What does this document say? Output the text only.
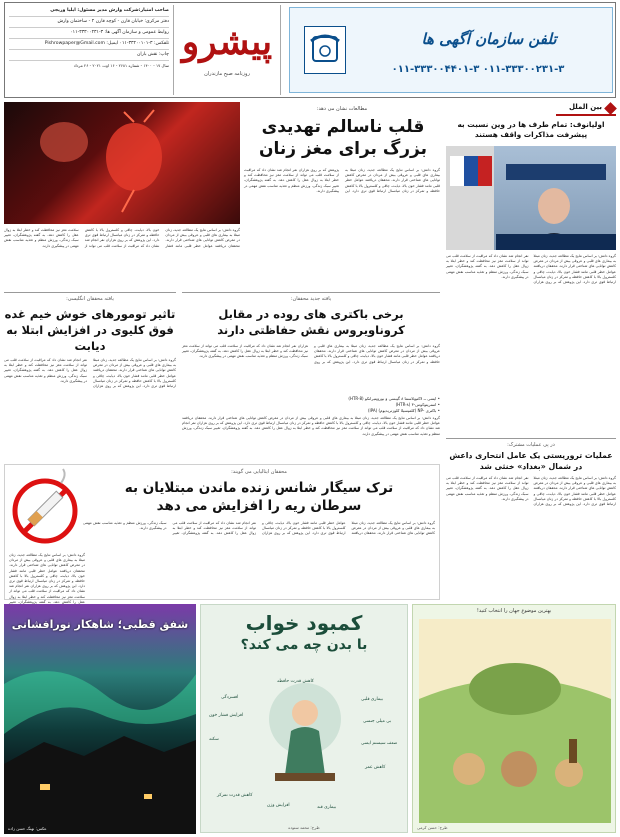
صاحب امتیاز:شرکت وارش مدیر مسئول: ایلیا وریجی
دفتر مرکزی: خیابان قارن - کوچه قارن ۲ - ساختمان وارش
روابط عمومی و سازمان آگهی ها: ۳-۳۳۳۰۰۲۳۱-۰۱۱
تلفکس: ۳-۳۳۲۰۰۱۰۱-۰۱۱ ایمیل: Pishrowpaper@Gmail.com
چاپ: نقش باران
سال ۱۷ - ۱۴۰۰ - شماره ۲۶۸۱ - ۱۶ اوت ۲۰۲۱ - ۲۶ مرداد
پیشرو
روزنامه صبح مازندران
تلفن سازمان آگهی ها
۰۱۱-۳۳۳۰۰۲۳۱-۳ ۰۱۱-۳۳۳۰۰۴۴۰۱-۳
مطالعات نشان می دهد:
قلب ناسالم تهدیدی بزرگ برای مغز زنان
گروه دانش: بر اساس نتایج یک مطالعه جدید، زنان مبتلا به بیماری های قلبی و عروقی بیش از مردان در معرض کاهش توانایی های شناختی قرار دارند. محققان دریافتند عوامل خطر قلبی مانند فشار خون بالا، دیابت، چاقی و کلسترول بالا با کاهش حافظه و تمرکز در زنان میانسال ارتباط قوی تری دارد. این پژوهش که بر روی هزاران نفر انجام شد نشان داد که مراقبت از سلامت قلب می تواند از سلامت مغز نیز محافظت کند و خطر ابتلا به زوال عقل را کاهش دهد. به گفته پژوهشگران، تغییر سبک زندگی، ورزش منظم و تغذیه مناسب نقش مهمی در پیشگیری دارند.
گروه دانش: بر اساس نتایج یک مطالعه جدید، زنان مبتلا به بیماری های قلبی و عروقی بیش از مردان در معرض کاهش توانایی های شناختی قرار دارند. محققان دریافتند عوامل خطر قلبی مانند فشار خون بالا، دیابت، چاقی و کلسترول بالا با کاهش حافظه و تمرکز در زنان میانسال ارتباط قوی تری دارد. این پژوهش که بر روی هزاران نفر انجام شد نشان داد که مراقبت از سلامت قلب می تواند از سلامت مغز نیز محافظت کند و خطر ابتلا به زوال عقل را کاهش دهد. به گفته پژوهشگران، تغییر سبک زندگی، ورزش منظم و تغذیه مناسب نقش مهمی در پیشگیری دارند.
بین الملل
اولیانوف: تمام طرف ها در وین نسبت به پیشرفت مذاکرات واقف هستند
گروه دانش: بر اساس نتایج یک مطالعه جدید، زنان مبتلا به بیماری های قلبی و عروقی بیش از مردان در معرض کاهش توانایی های شناختی قرار دارند. محققان دریافتند عوامل خطر قلبی مانند فشار خون بالا، دیابت، چاقی و کلسترول بالا با کاهش حافظه و تمرکز در زنان میانسال ارتباط قوی تری دارد. این پژوهش که بر روی هزاران نفر انجام شد نشان داد که مراقبت از سلامت قلب می تواند از سلامت مغز نیز محافظت کند و خطر ابتلا به زوال عقل را کاهش دهد. به گفته پژوهشگران، تغییر سبک زندگی، ورزش منظم و تغذیه مناسب نقش مهمی در پیشگیری دارند.
یافته محققان انگلیسی:
تاثیر تومورهای خوش خیم غده فوق کلیوی در افزایش ابتلا به دیابت
گروه دانش: بر اساس نتایج یک مطالعه جدید، زنان مبتلا به بیماری های قلبی و عروقی بیش از مردان در معرض کاهش توانایی های شناختی قرار دارند. محققان دریافتند عوامل خطر قلبی مانند فشار خون بالا، دیابت، چاقی و کلسترول بالا با کاهش حافظه و تمرکز در زنان میانسال ارتباط قوی تری دارد. این پژوهش که بر روی هزاران نفر انجام شد نشان داد که مراقبت از سلامت قلب می تواند از سلامت مغز نیز محافظت کند و خطر ابتلا به زوال عقل را کاهش دهد. به گفته پژوهشگران، تغییر سبک زندگی، ورزش منظم و تغذیه مناسب نقش مهمی در پیشگیری دارند.
یافته جدید محققان:
برخی باکتری های روده در مقابل کروناویروس نقش حفاظتی دارند
گروه دانش: بر اساس نتایج یک مطالعه جدید، زنان مبتلا به بیماری های قلبی و عروقی بیش از مردان در معرض کاهش توانایی های شناختی قرار دارند. محققان دریافتند عوامل خطر قلبی مانند فشار خون بالا، دیابت، چاقی و کلسترول بالا با کاهش حافظه و تمرکز در زنان میانسال ارتباط قوی تری دارد. این پژوهش که بر روی هزاران نفر انجام شد نشان داد که مراقبت از سلامت قلب می تواند از سلامت مغز نیز محافظت کند و خطر ابتلا به زوال عقل را کاهش دهد. به گفته پژوهشگران، تغییر سبک زندگی، ورزش منظم و تغذیه مناسب نقش مهمی در پیشگیری دارند.
• ایمنی ــ لاکتوپلاسما ۸ گیبسی و بوروپتیرانکو (HTR-8)
• استرپتوکوس-۳ (HTR-۸)
• باکتری -NP (کلمپسیلا کلوزتریدیوم) (IPA)
گروه دانش: بر اساس نتایج یک مطالعه جدید، زنان مبتلا به بیماری های قلبی و عروقی بیش از مردان در معرض کاهش توانایی های شناختی قرار دارند. محققان دریافتند عوامل خطر قلبی مانند فشار خون بالا، دیابت، چاقی و کلسترول بالا با کاهش حافظه و تمرکز در زنان میانسال ارتباط قوی تری دارد. این پژوهش که بر روی هزاران نفر انجام شد نشان داد که مراقبت از سلامت قلب می تواند از سلامت مغز نیز محافظت کند و خطر ابتلا به زوال عقل را کاهش دهد. به گفته پژوهشگران، تغییر سبک زندگی، ورزش منظم و تغذیه مناسب نقش مهمی در پیشگیری دارند.
در پی عملیات مشترک:
عملیات تروریستی یک عامل انتحاری داعش در شمال «بغداد» خنثی شد
گروه دانش: بر اساس نتایج یک مطالعه جدید، زنان مبتلا به بیماری های قلبی و عروقی بیش از مردان در معرض کاهش توانایی های شناختی قرار دارند. محققان دریافتند عوامل خطر قلبی مانند فشار خون بالا، دیابت، چاقی و کلسترول بالا با کاهش حافظه و تمرکز در زنان میانسال ارتباط قوی تری دارد. این پژوهش که بر روی هزاران نفر انجام شد نشان داد که مراقبت از سلامت قلب می تواند از سلامت مغز نیز محافظت کند و خطر ابتلا به زوال عقل را کاهش دهد. به گفته پژوهشگران، تغییر سبک زندگی، ورزش منظم و تغذیه مناسب نقش مهمی در پیشگیری دارند.
محققان ایتالیایی می گویند:
ترک سیگار شانس زنده ماندن مبتلایان به سرطان ریه را افزایش می دهد
گروه دانش: بر اساس نتایج یک مطالعه جدید، زنان مبتلا به بیماری های قلبی و عروقی بیش از مردان در معرض کاهش توانایی های شناختی قرار دارند. محققان دریافتند عوامل خطر قلبی مانند فشار خون بالا، دیابت، چاقی و کلسترول بالا با کاهش حافظه و تمرکز در زنان میانسال ارتباط قوی تری دارد. این پژوهش که بر روی هزاران نفر انجام شد نشان داد که مراقبت از سلامت قلب می تواند از سلامت مغز نیز محافظت کند و خطر ابتلا به زوال عقل را کاهش دهد. به گفته پژوهشگران، تغییر سبک زندگی، ورزش منظم و تغذیه مناسب نقش مهمی در پیشگیری دارند.
گروه دانش: بر اساس نتایج یک مطالعه جدید، زنان مبتلا به بیماری های قلبی و عروقی بیش از مردان در معرض کاهش توانایی های شناختی قرار دارند. محققان دریافتند عوامل خطر قلبی مانند فشار خون بالا، دیابت، چاقی و کلسترول بالا با کاهش حافظه و تمرکز در زنان میانسال ارتباط قوی تری دارد. این پژوهش که بر روی هزاران نفر انجام شد نشان داد که مراقبت از سلامت قلب می تواند از سلامت مغز نیز محافظت کند و خطر ابتلا به زوال عقل را کاهش دهد. به گفته پژوهشگران، تغییر
شفق قطبی؛ شاهکار نورافشانی
عکس: نهنگ حسن زاده
کمبود خواب
با بدن چه می کند؟
کاهش قدرت حافظه
افسردگی
افزایش فشار خون
سکته
افزایش وزن
بیماری قلبی
کاهش قدرت تمرکز
بیماری قند
بی میلی جنسی
ضعف سیستم ایمنی
کاهش عمر
طرح: محمد ستوده
بهترین موضوع جهان را انتخاب کنید!
طرح: حسن کرمی
